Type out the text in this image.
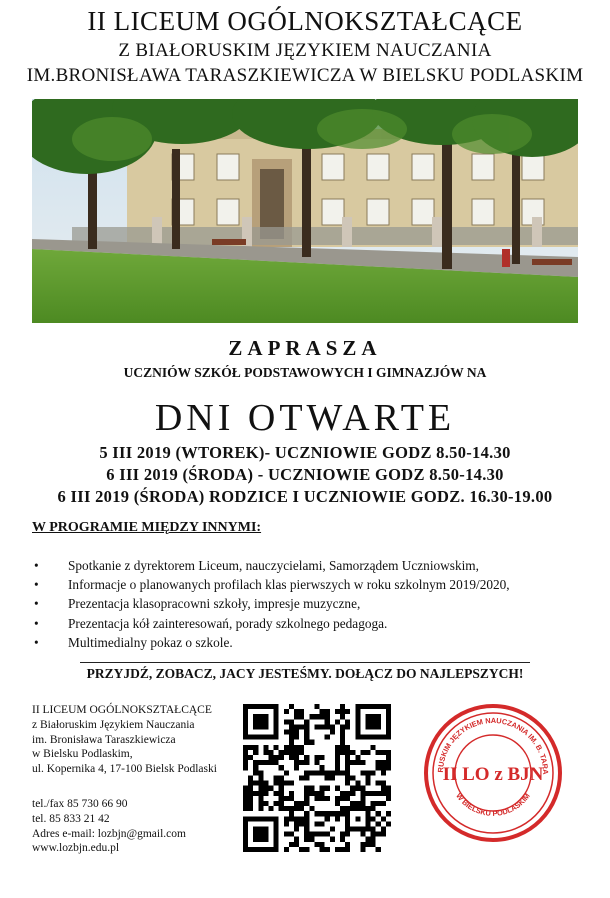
II LICEUM OGÓLNOKSZTAŁCĄCE
Z BIAŁORUSKIM JĘZYKIEM NAUCZANIA
IM.BRONISŁAWA TARASZKIEWICZA W BIELSKU PODLASKIM
ZAPRASZA
UCZNIÓW SZKÓŁ PODSTAWOWYCH I GIMNAZJÓW NA
DNI OTWARTE
5 III 2019 (WTOREK)- UCZNIOWIE GODZ 8.50-14.30
6 III 2019 (ŚRODA) - UCZNIOWIE GODZ 8.50-14.30
6 III 2019 (ŚRODA) RODZICE I UCZNIOWIE GODZ. 16.30-19.00
W PROGRAMIE MIĘDZY INNYMI:
• Spotkanie z dyrektorem Liceum, nauczycielami, Samorządem Uczniowskim,
• Informacje o planowanych profilach klas pierwszych w roku szkolnym 2019/2020,
• Prezentacja klasopracowni szkoły, impresje muzyczne,
• Prezentacja kół zainteresowań, porady szkolnego pedagoga.
• Multimedialny pokaz o szkole.
PRZYJDŹ, ZOBACZ, JACY JESTEŚMY. DOŁĄCZ DO NAJLEPSZYCH!
II LICEUM OGÓLNOKSZTAŁCĄCE
z Białoruskim Językiem Nauczania
im. Bronisława Taraszkiewicza
w Bielsku Podlaskim,
ul. Kopernika 4, 17-100 Bielsk Podlaski
tel./fax 85 730 66 90
tel. 85 833 21 42
Adres e-mail: lozbjn@gmail.com
www.lozbjn.edu.pl
RUSKIM JĘZYKIEM NAUCZANIA IM. B. TARA
W BIELSKU PODLASKIM
II LO z BJN
